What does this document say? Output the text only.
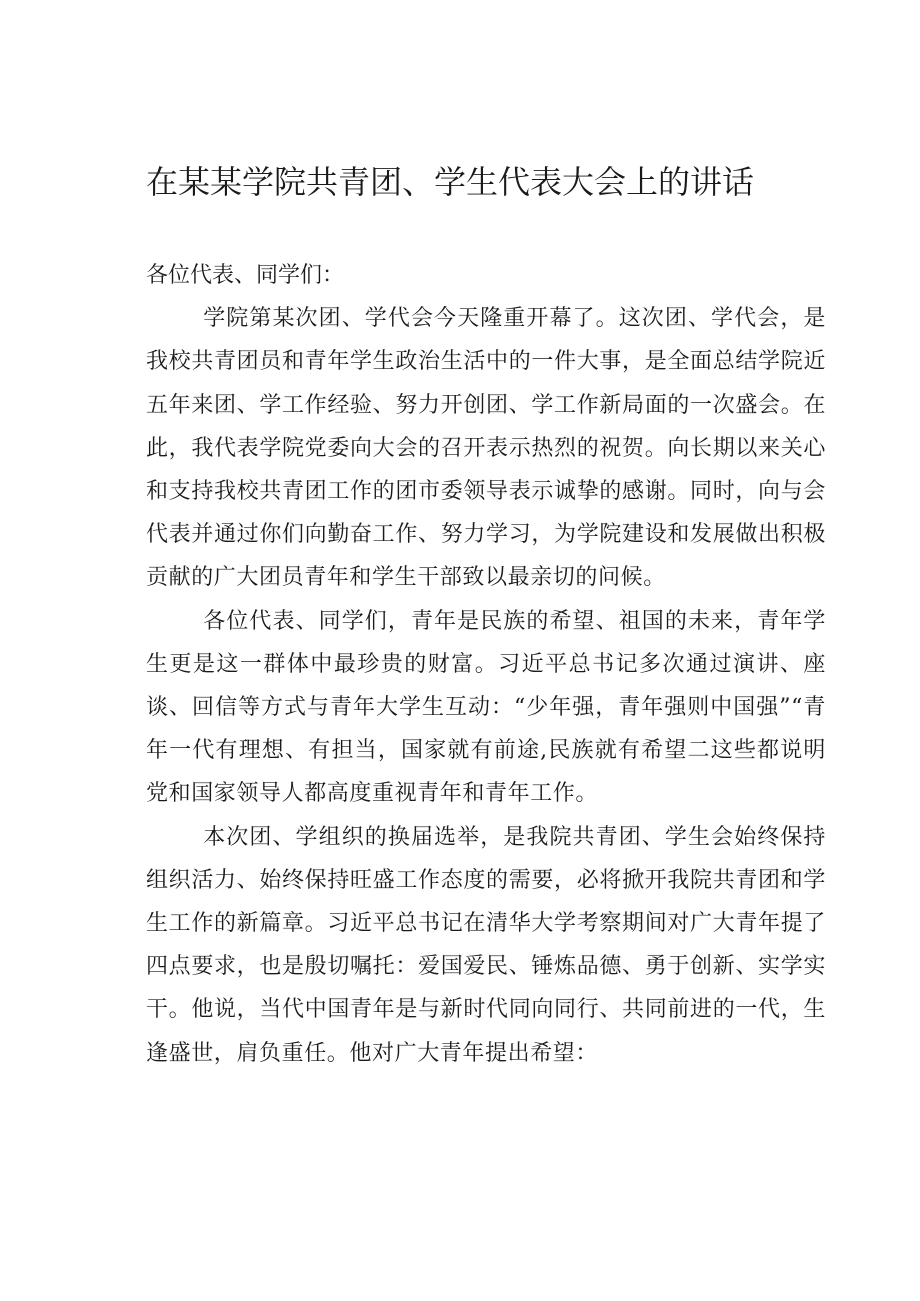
在某某学院共青团、学生代表大会上的讲话

各位代表、同学们：

学院第某次团、学代会今天隆重开幕了。这次团、学代会，是我校共青团员和青年学生政治生活中的一件大事，是全面总结学院近五年来团、学工作经验、努力开创团、学工作新局面的一次盛会。在此，我代表学院党委向大会的召开表示热烈的祝贺。向长期以来关心和支持我校共青团工作的团市委领导表示诚挚的感谢。同时，向与会代表并通过你们向勤奋工作、努力学习，为学院建设和发展做出积极贡献的广大团员青年和学生干部致以最亲切的问候。

各位代表、同学们，青年是民族的希望、祖国的未来，青年学生更是这一群体中最珍贵的财富。习近平总书记多次通过演讲、座谈、回信等方式与青年大学生互动：“少年强，青年强则中国强”“青年一代有理想、有担当，国家就有前途,民族就有希望二这些都说明党和国家领导人都高度重视青年和青年工作。

本次团、学组织的换届选举，是我院共青团、学生会始终保持组织活力、始终保持旺盛工作态度的需要，必将掀开我院共青团和学生工作的新篇章。习近平总书记在清华大学考察期间对广大青年提了四点要求，也是殷切嘱托：爱国爱民、锤炼品德、勇于创新、实学实干。他说，当代中国青年是与新时代同向同行、共同前进的一代，生逢盛世，肩负重任。他对广大青年提出希望：
